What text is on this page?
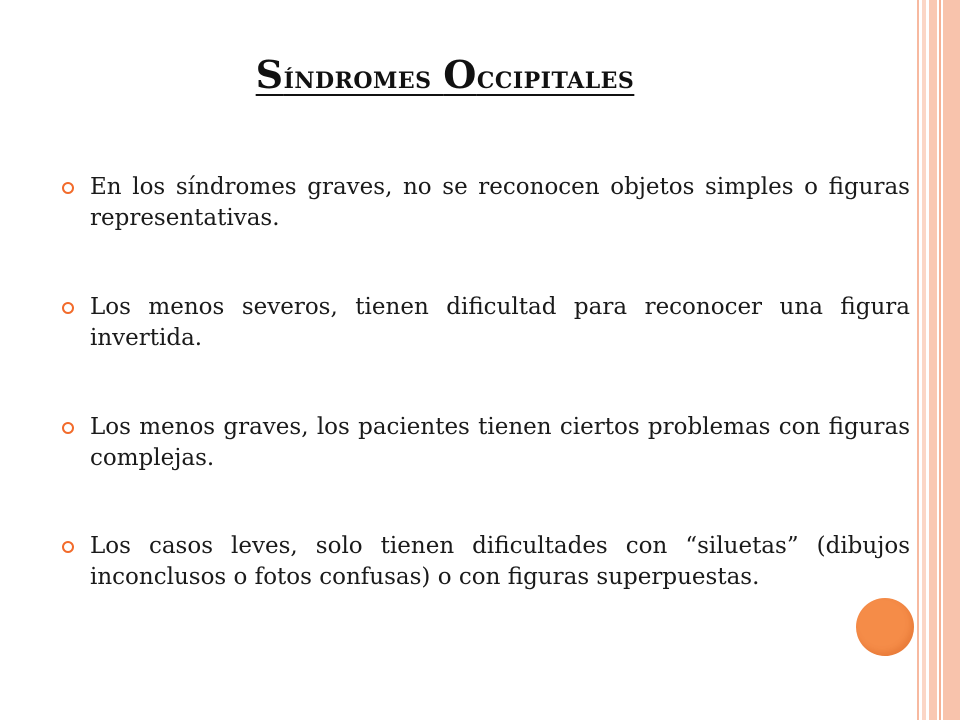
Síndromes Occipitales
En los síndromes graves, no se reconocen objetos simples o figuras representativas.
Los menos severos, tienen dificultad para reconocer una figura invertida.
Los menos graves, los pacientes tienen ciertos problemas con figuras complejas.
Los casos leves, solo tienen dificultades con “siluetas” (dibujos inconclusos o fotos confusas) o con figuras superpuestas.
